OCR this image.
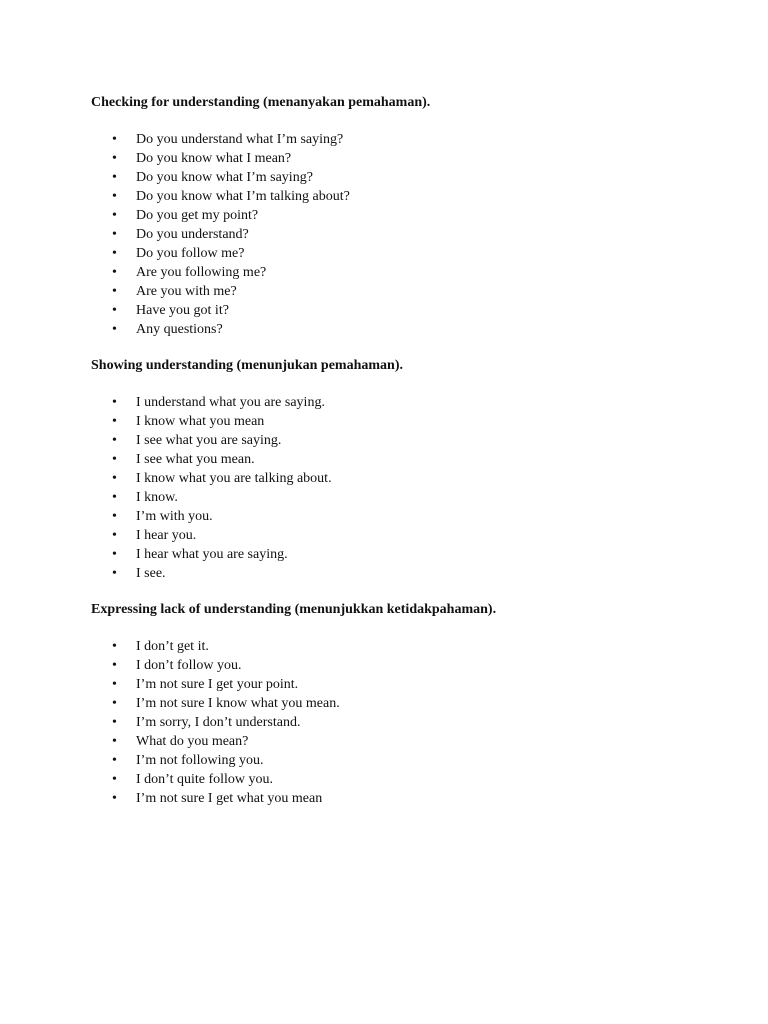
Checking for understanding (menanyakan pemahaman).

• Do you understand what I’m saying?
• Do you know what I mean?
• Do you know what I’m saying?
• Do you know what I’m talking about?
• Do you get my point?
• Do you understand?
• Do you follow me?
• Are you following me?
• Are you with me?
• Have you got it?
• Any questions?

Showing understanding (menunjukan pemahaman).

• I understand what you are saying.
• I know what you mean
• I see what you are saying.
• I see what you mean.
• I know what you are talking about.
• I know.
• I’m with you.
• I hear you.
• I hear what you are saying.
• I see.

Expressing lack of understanding (menunjukkan ketidakpahaman).

• I don’t get it.
• I don’t follow you.
• I’m not sure I get your point.
• I’m not sure I know what you mean.
• I’m sorry, I don’t understand.
• What do you mean?
• I’m not following you.
• I don’t quite follow you.
• I’m not sure I get what you mean
